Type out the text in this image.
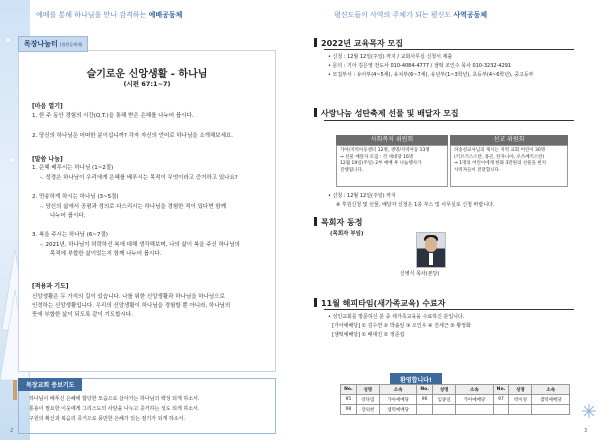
예배를 통해 하나님을 만나 감격하는 예배공동체
슬기로운 신앙생활 - 하나님
(시편 67:1~7)
목장나눔터 (셀원들에게)
[마음 열기]
1. 한 주 동안 경험의 시간(Q.T.)을 통해 받은 은혜를 나누어 봅시다.
2. 당신의 하나님은 어떠한 분이십니까? 각자 자신의 언어로 하나님을 소개해보세요.
[말씀 나눔]
1. 은혜 베푸시는 하나님 (1~2절)
-. 성경은 하나님이 우리에게 은혜를 베푸시는 목적이 무엇이라고 증거하고 있나요?
2. 먼송하게 하시는 하나님 (3~5절)
-. 당신의 삶에서 공평과 정의로 다스리시는 하나님을 경험한 적이 있다면 함께
나누어 봅시다.
3. 복을 주시는 하나님 (6~7절)
-. 2021년, 하나님이 허락하신 복에 대해 생각해보며, 나의 삶이 복을 주신 하나님의
목적에 부합한 삶이었는지 함께 나누어 봅시다.
[적용과 기도]
신앙생활은 두 가지의 길이 있습니다. 나를 위한 신앙생활과 하나님을 하나님으로
인정하는 신앙생활입니다. 우리의 신앙생활이 하나님을 경험할 뿐 아니라, 하나님의
뜻에 부합한 삶이 되도록 같이 기도합시다.
하나님이 베푸신 은혜에 합당한 모습으로 살아가는 하나님의 백성 되게 하소서.
통용이 필요한 이웃에게 그리스도의 사랑을 나누고 증거하는 성도 되게 하소서.
구원의 확신과 복음의 증거으로 풍만한 은혜가 있는 절기가 되게 하소서.
목장교회 중보기도
2
평신도들이 사역의 주체가 되는 평신도 사역공동체
2022년 교육목자 모집
• 신청 : 12월 12일(주일) 까지 / 교회사무실 신청서 제출
• 문의 : 기아 김은영 전도사 010-4084-4777 / 샘떡 조인수 목사 010-3232-4291
• 모집부서 : 유아부(4~5세), 유치부(6~7세), 유년부(1~3학년), 초등부(4~6학년), 중고등부
사랑나눔 성탄축제 선물 및 배달자 모집
사회복지 위원회
가아/지역아동센터 12명, 생명/지역아동 13명
⇒ 선물 배달자 모집 : 각 세대당 16명
12월 19일(주일) 2부 예배 후 나눔행사가
진행됩니다.
선교 위원회
파송선교사님의 계시는 지역 교회 어린이 30명
(키르기스스탄, 몽골, 탄자니아, 우즈베키스탄)
⇒ 1명의 어린이에게 한화 3만원의 선물을 현지
사역자들이 전달합니다.
• 신청 : 12월 12일(주일) 까지
※ 후원신청 및 선물, 배달자 신청은 1층 부스 및 사무실로 신청 바랍니다.
목회자 동정
(목회자 부임)
신병식 목사(본당)
11월 해피타임(새가족교육) 수료자
• 성인교회를 방문하신 분 중 새가족교육을 수료하신 분입니다.
[가아예배당] ① 김수연 ② 박솔잎 ③ 오인우 ④ 진세근 ⑤ 황정화
[샘떡예배당] ① 배대진 ② 정준섭
환영합니다!
No.	성명	소속	No.	성명	소속	No.	성명	소속
95	강다엽	가아예배당	96	임종일	가아예배당	97	박이정	샘떡예배당
98	장의현	샘떡예배당						
3
